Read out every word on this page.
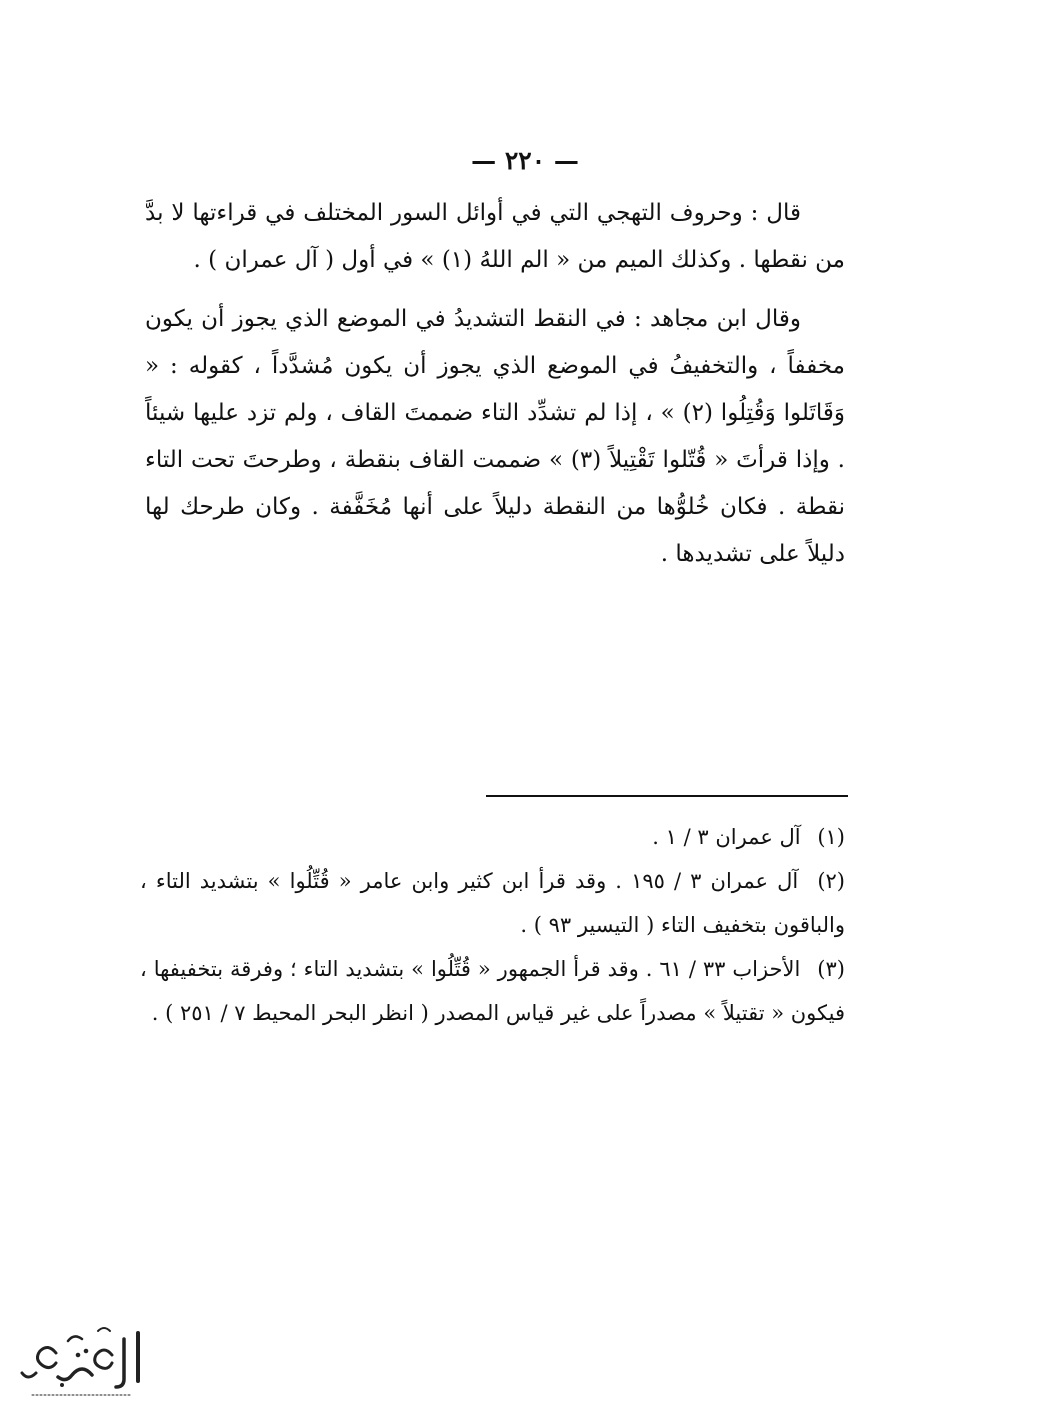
— ٢٢٠ —

قال : وحروف التهجي التي في أوائل السور المختلف في قراءتها لا بدَّ من نقطها . وكذلك الميم من « الم اللهُ (١) » في أول ( آل عمران ) .

وقال ابن مجاهد : في النقط التشديدُ في الموضع الذي يجوز أن يكون مخففاً ، والتخفيفُ في الموضع الذي يجوز أن يكون مُشدَّداً ، كقوله : « وَقَاتَلوا وَقُتِلُوا (٢) » ، إذا لم تشدِّد التاء ضممتَ القاف ، ولم تزد عليها شيئاً . وإذا قرأتَ « قُتّلوا تَقْتِيلاً (٣) » ضممت القاف بنقطة ، وطرحتَ تحت التاء نقطة . فكان خُلوُّها من النقطة دليلاً على أنها مُخَفَّفة . وكان طرحك لها دليلاً على تشديدها .

(١) آل عمران ٣ / ١ .

(٢) آل عمران ٣ / ١٩٥ . وقد قرأ ابن كثير وابن عامر « قُتِّلُوا » بتشديد التاء ، والباقون بتخفيف التاء ( التيسير ٩٣ ) .

(٣) الأحزاب ٣٣ / ٦١ . وقد قرأ الجمهور « قُتِّلُوا » بتشديد التاء ؛ وفرقة بتخفيفها ، فيكون « تقتيلاً » مصدراً على غير قياس المصدر ( انظر البحر المحيط ٧ / ٢٥١ ) .
